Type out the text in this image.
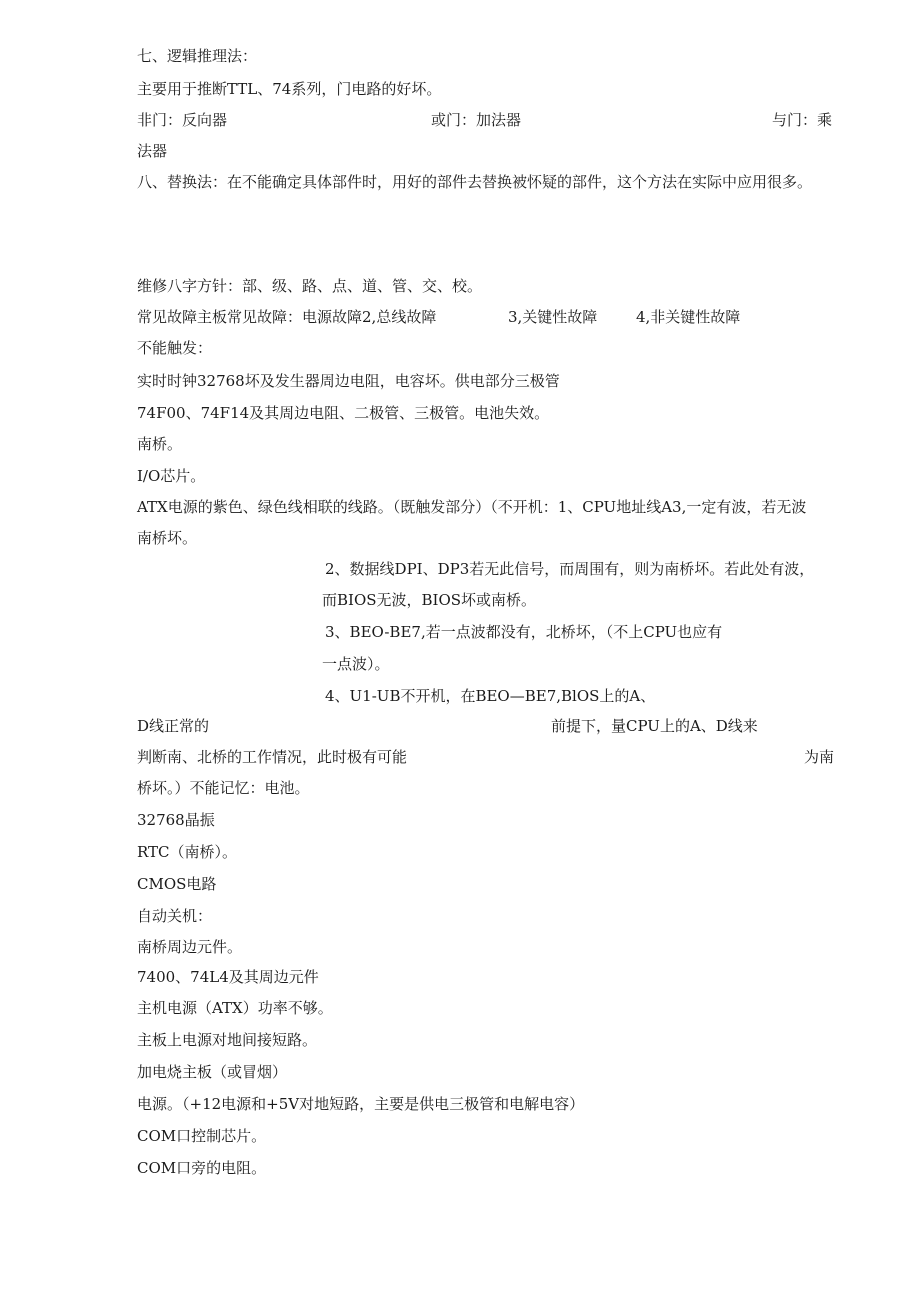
七、逻辑推理法：
主要用于推断TTL、74系列，门电路的好坏。
非门：反向器	或门：加法器	与门：乘
法器
八、替换法：在不能确定具体部件时，用好的部件去替换被怀疑的部件，这个方法在实际中应用很多。
维修八字方针：部、级、路、点、道、管、交、校。
常见故障主板常见故障：电源故障2,总线故障	3,关键性故障	4,非关键性故障
不能触发：
实时时钟32768坏及发生器周边电阻，电容坏。供电部分三极管
74F00、74F14及其周边电阻、二极管、三极管。电池失效。
南桥。
I/O芯片。
ATX电源的紫色、绿色线相联的线路。（既触发部分）（不开机：1、CPU地址线A3,一定有波，若无波
南桥坏。
2、数据线DPI、DP3若无此信号，而周围有，则为南桥坏。若此处有波，
而BIOS无波，BIOS坏或南桥。
3、BEO-BE7,若一点波都没有，北桥坏，（不上CPU也应有
一点波）。
4、U1-UB不开机，在BEO—BE7,BlOS上的A、
D线正常的	前提下，量CPU上的A、D线来
判断南、北桥的工作情况，此时极有可能	为南
桥坏。）不能记忆：电池。
32768晶振
RTC（南桥）。
CMOS电路
自动关机：
南桥周边元件。
7400、74L4及其周边元件
主机电源（ATX）功率不够。
主板上电源对地间接短路。
加电烧主板（或冒烟）
电源。（+12电源和+5V对地短路，主要是供电三极管和电解电容）
COM口控制芯片。
COM口旁的电阻。
